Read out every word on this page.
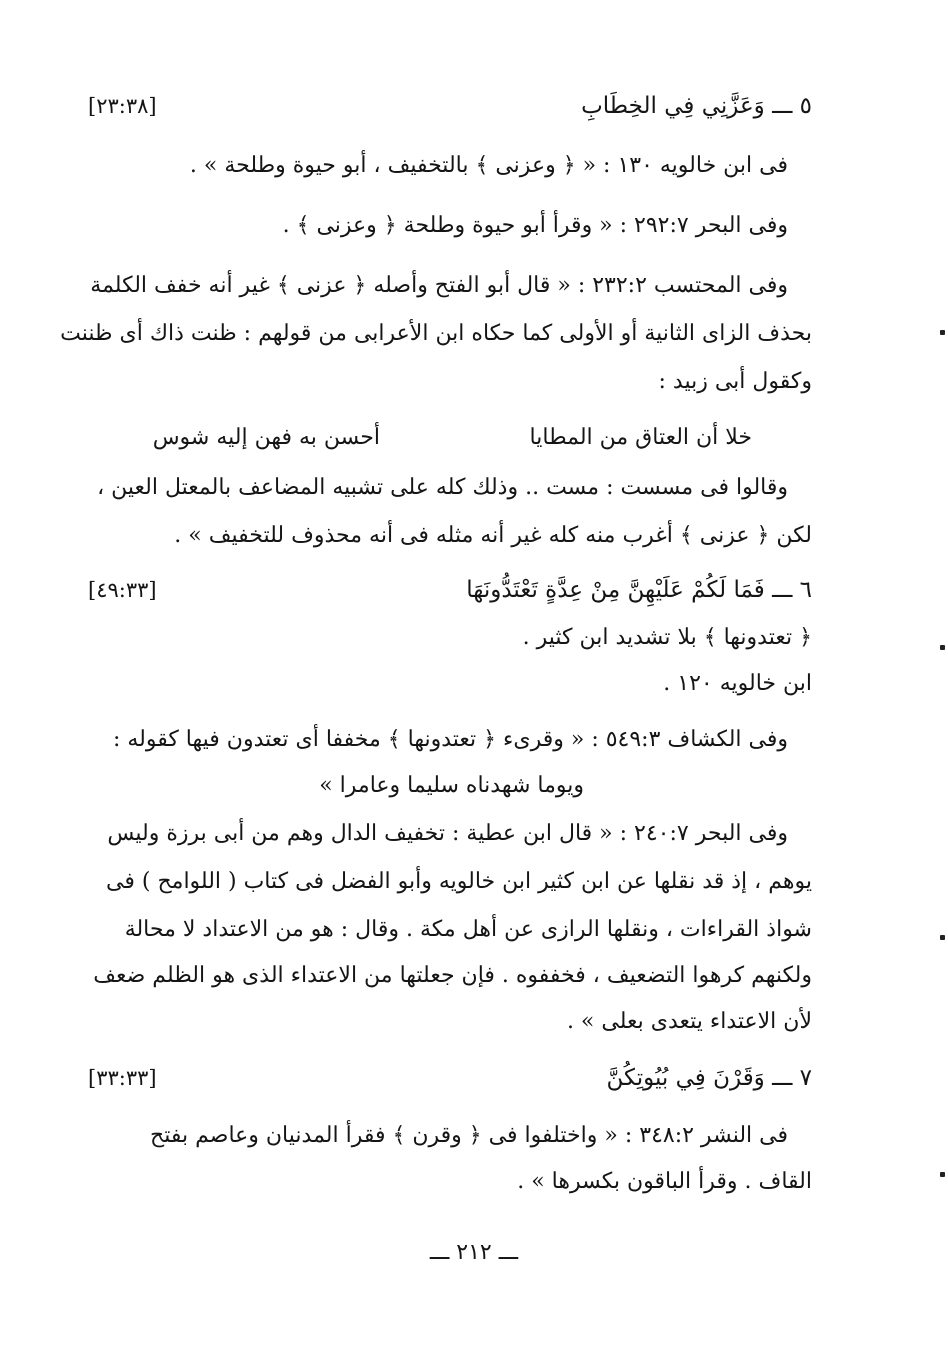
٥ ـــ وَعَزَّنِي فِي الخِطَابِ
[٢٣:٣٨]
فى ابن خالويه ١٣٠ : « ﴿ وعزنى ﴾ بالتخفيف ، أبو حيوة وطلحة » .
وفى البحر ٢٩٢:٧ : « وقرأ أبو حيوة وطلحة ﴿ وعزنى ﴾ .
وفى المحتسب ٢٣٢:٢ : « قال أبو الفتح وأصله ﴿ عزنى ﴾ غير أنه خفف الكلمة
بحذف الزاى الثانية أو الأولى كما حكاه ابن الأعرابى من قولهم : ظنت ذاك أى ظننت
وكقول أبى زبيد :
خلا أن العتاق من المطايا
أحسن به فهن إليه شوس
وقالوا فى مسست : مست .. وذلك كله على تشبيه المضاعف بالمعتل العين ،
لكن ﴿ عزنى ﴾ أغرب منه كله غير أنه مثله فى أنه محذوف للتخفيف » .
٦ ـــ فَمَا لَكُمْ عَلَيْهِنَّ مِنْ عِدَّةٍ تَعْتَدُّونَهَا
[٤٩:٣٣]
﴿ تعتدونها ﴾ بلا تشديد ابن كثير .
ابن خالويه ١٢٠ .
وفى الكشاف ٥٤٩:٣ : « وقرىء ﴿ تعتدونها ﴾ مخففا أى تعتدون فيها كقوله :
ويوما شهدناه سليما وعامرا »
وفى البحر ٢٤٠:٧ : « قال ابن عطية : تخفيف الدال وهم من أبى برزة وليس
يوهم ، إذ قد نقلها عن ابن كثير ابن خالويه وأبو الفضل فى كتاب ( اللوامح ) فى
شواذ القراءات ، ونقلها الرازى عن أهل مكة . وقال : هو من الاعتداد لا محالة
ولكنهم كرهوا التضعيف ، فخففوه . فإن جعلتها من الاعتداء الذى هو الظلم ضعف
لأن الاعتداء يتعدى بعلى » .
٧ ـــ وَقَرْنَ فِي بُيُوتِكُنَّ
[٣٣:٣٣]
فى النشر ٣٤٨:٢ : « واختلفوا فى ﴿ وقرن ﴾ فقرأ المدنيان وعاصم بفتح
القاف . وقرأ الباقون بكسرها » .
ـــ ٢١٢ ـــ
